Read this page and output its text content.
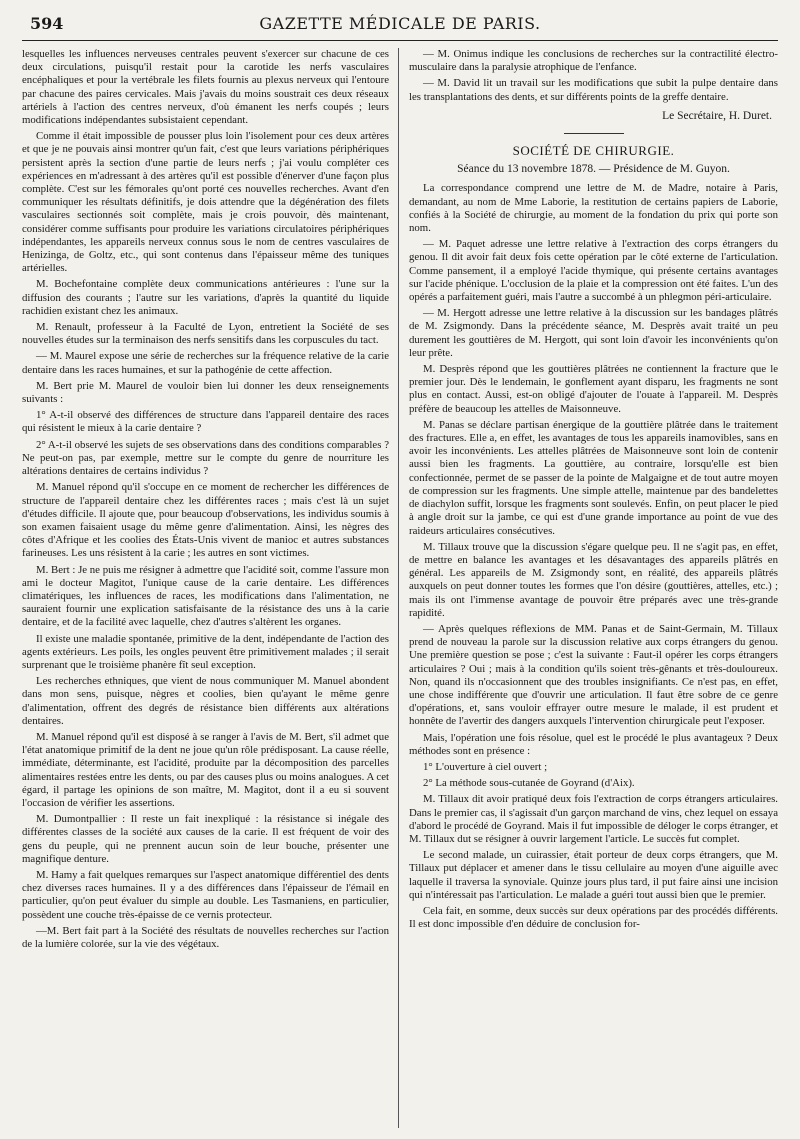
594	GAZETTE MÉDICALE DE PARIS.

lesquelles les influences nerveuses centrales peuvent s'exercer sur chacune de ces deux circulations, puisqu'il restait pour la carotide les nerfs vasculaires encéphaliques et pour la vertébrale les filets fournis au plexus nerveux qui l'entoure par chacune des paires cervicales. Mais j'avais du moins soustrait ces deux réseaux artériels à l'action des centres nerveux, d'où émanent les nerfs coupés ; leurs modifications indépendantes subsistaient cependant.

Comme il était impossible de pousser plus loin l'isolement pour ces deux artères et que je ne pouvais ainsi montrer qu'un fait, c'est que leurs variations périphériques persistent après la section d'une partie de leurs nerfs ; j'ai voulu compléter ces expériences en m'adressant à des artères qu'il est possible d'énerver d'une façon plus complète. C'est sur les fémorales qu'ont porté ces nouvelles recherches. Avant d'en communiquer les résultats définitifs, je dois attendre que la dégénération des filets vasculaires sectionnés soit complète, mais je crois pouvoir, dès maintenant, considérer comme suffisants pour produire les variations circulatoires périphériques indépendantes, les appareils nerveux connus sous le nom de centres vasculaires de Henizinga, de Goltz, etc., qui sont contenus dans l'épaisseur même des tuniques artérielles.

M. Bochefontaine complète deux communications antérieures : l'une sur la diffusion des courants ; l'autre sur les variations, d'après la quantité du liquide rachidien existant chez les animaux.

M. Renault, professeur à la Faculté de Lyon, entretient la Société de ses nouvelles études sur la terminaison des nerfs sensitifs dans les corpuscules du tact.

— M. Maurel expose une série de recherches sur la fréquence relative de la carie dentaire dans les races humaines, et sur la pathogénie de cette affection.

M. Bert prie M. Maurel de vouloir bien lui donner les deux renseignements suivants :

1° A-t-il observé des différences de structure dans l'appareil dentaire des races qui résistent le mieux à la carie dentaire ?

2° A-t-il observé les sujets de ses observations dans des conditions comparables ? Ne peut-on pas, par exemple, mettre sur le compte du genre de nourriture les altérations dentaires de certains individus ?

M. Manuel répond qu'il s'occupe en ce moment de rechercher les différences de structure de l'appareil dentaire chez les différentes races ; mais c'est là un sujet d'études difficile. Il ajoute que, pour beaucoup d'observations, les individus soumis à son examen faisaient usage du même genre d'alimentation. Ainsi, les nègres des côtes d'Afrique et les coolies des États-Unis vivent de manioc et autres substances farineuses. Les uns résistent à la carie ; les autres en sont victimes.

M. Bert : Je ne puis me résigner à admettre que l'acidité soit, comme l'assure mon ami le docteur Magitot, l'unique cause de la carie dentaire. Les différences climatériques, les influences de races, les modifications dans l'alimentation, ne sauraient fournir une explication satisfaisante de la résistance des uns à la carie dentaire, et de la facilité avec laquelle, chez d'autres s'altèrent les organes.

Il existe une maladie spontanée, primitive de la dent, indépendante de l'action des agents extérieurs. Les poils, les ongles peuvent être primitivement malades ; il serait surprenant que le troisième phanère fît seul exception.

Les recherches ethniques, que vient de nous communiquer M. Manuel abondent dans mon sens, puisque, nègres et coolies, bien qu'ayant le même genre d'alimentation, offrent des degrés de résistance bien différents aux altérations dentaires.

M. Manuel répond qu'il est disposé à se ranger à l'avis de M. Bert, s'il admet que l'état anatomique primitif de la dent ne joue qu'un rôle prédisposant. La cause réelle, immédiate, déterminante, est l'acidité, produite par la décomposition des parcelles alimentaires restées entre les dents, ou par des causes plus ou moins analogues. A cet égard, il partage les opinions de son maître, M. Magitot, dont il a eu si souvent l'occasion de vérifier les assertions.

M. Dumontpallier : Il reste un fait inexpliqué : la résistance si inégale des différentes classes de la société aux causes de la carie. Il est fréquent de voir des gens du peuple, qui ne prennent aucun soin de leur bouche, présenter une magnifique denture.

M. Hamy a fait quelques remarques sur l'aspect anatomique différentiel des dents chez diverses races humaines. Il y a des différences dans l'épaisseur de l'émail en particulier, qu'on peut évaluer du simple au double. Les Tasmaniens, en particulier, possèdent une couche très-épaisse de ce vernis protecteur.

—M. Bert fait part à la Société des résultats de nouvelles recherches sur l'action de la lumière colorée, sur la vie des végétaux.

— M. Onimus indique les conclusions de recherches sur la contractilité électro-musculaire dans la paralysie atrophique de l'enfance.

— M. David lit un travail sur les modifications que subit la pulpe dentaire dans les transplantations des dents, et sur différents points de la greffe dentaire.

Le Secrétaire, H. Duret.
SOCIÉTÉ DE CHIRURGIE.
Séance du 13 novembre 1878. — Présidence de M. Guyon.

La correspondance comprend une lettre de M. de Madre, notaire à Paris, demandant, au nom de Mme Laborie, la restitution de certains papiers de Laborie, confiés à la Société de chirurgie, au moment de la fondation du prix qui porte son nom.

— M. Paquet adresse une lettre relative à l'extraction des corps étrangers du genou. Il dit avoir fait deux fois cette opération par le côté externe de l'articulation. Comme pansement, il a employé l'acide thymique, qui présente certains avantages sur l'acide phénique. L'occlusion de la plaie et la compression ont été faites. L'un des opérés a parfaitement guéri, mais l'autre a succombé à un phlegmon péri-articulaire.

— M. Hergott adresse une lettre relative à la discussion sur les bandages plâtrés de M. Zsigmondy. Dans la précédente séance, M. Desprès avait traité un peu durement les gouttières de M. Hergott, qui sont loin d'avoir les inconvénients qu'on leur prête.

M. Desprès répond que les gouttières plâtrées ne contiennent la fracture que le premier jour. Dès le lendemain, le gonflement ayant disparu, les fragments ne sont plus en contact. Aussi, est-on obligé d'ajouter de l'ouate à l'appareil. M. Desprès préfère de beaucoup les attelles de Maisonneuve.

M. Panas se déclare partisan énergique de la gouttière plâtrée dans le traitement des fractures. Elle a, en effet, les avantages de tous les appareils inamovibles, sans en avoir les inconvénients. Les attelles plâtrées de Maisonneuve sont loin de contenir aussi bien les fragments. La gouttière, au contraire, lorsqu'elle est bien confectionnée, permet de se passer de la pointe de Malgaigne et de tout autre moyen de compression sur les fragments. Une simple attelle, maintenue par des bandelettes de diachylon suffit, lorsque les fragments sont soulevés. Enfin, on peut placer le pied à angle droit sur la jambe, ce qui est d'une grande importance au point de vue des raideurs articulaires consécutives.

M. Tillaux trouve que la discussion s'égare quelque peu. Il ne s'agit pas, en effet, de mettre en balance les avantages et les désavantages des appareils plâtrés en général. Les appareils de M. Zsigmondy sont, en réalité, des appareils plâtrés auxquels on peut donner toutes les formes que l'on désire (gouttières, attelles, etc.) ; mais ils ont l'immense avantage de pouvoir être préparés avec une très-grande rapidité.

— Après quelques réflexions de MM. Panas et de Saint-Germain, M. Tillaux prend de nouveau la parole sur la discussion relative aux corps étrangers du genou. Une première question se pose ; c'est la suivante : Faut-il opérer les corps étrangers articulaires ? Oui ; mais à la condition qu'ils soient très-gênants et très-douloureux. Non, quand ils n'occasionnent que des troubles insignifiants. Ce n'est pas, en effet, une chose indifférente que d'ouvrir une articulation. Il faut être sobre de ce genre d'opérations, et, sans vouloir effrayer outre mesure le malade, il est prudent et honnête de l'avertir des dangers auxquels l'intervention chirurgicale peut l'exposer.

Mais, l'opération une fois résolue, quel est le procédé le plus avantageux ? Deux méthodes sont en présence :

1° L'ouverture à ciel ouvert ;

2° La méthode sous-cutanée de Goyrand (d'Aix).

M. Tillaux dit avoir pratiqué deux fois l'extraction de corps étrangers articulaires. Dans le premier cas, il s'agissait d'un garçon marchand de vins, chez lequel on essaya d'abord le procédé de Goyrand. Mais il fut impossible de déloger le corps étranger, et M. Tillaux dut se résigner à ouvrir largement l'article. Le succès fut complet.

Le second malade, un cuirassier, était porteur de deux corps étrangers, que M. Tillaux put déplacer et amener dans le tissu cellulaire au moyen d'une aiguille avec laquelle il traversa la synoviale. Quinze jours plus tard, il put faire ainsi une incision qui n'intéressait pas l'articulation. Le malade a guéri tout aussi bien que le premier.

Cela fait, en somme, deux succès sur deux opérations par des procédés différents. Il est donc impossible d'en déduire de conclusion for-
